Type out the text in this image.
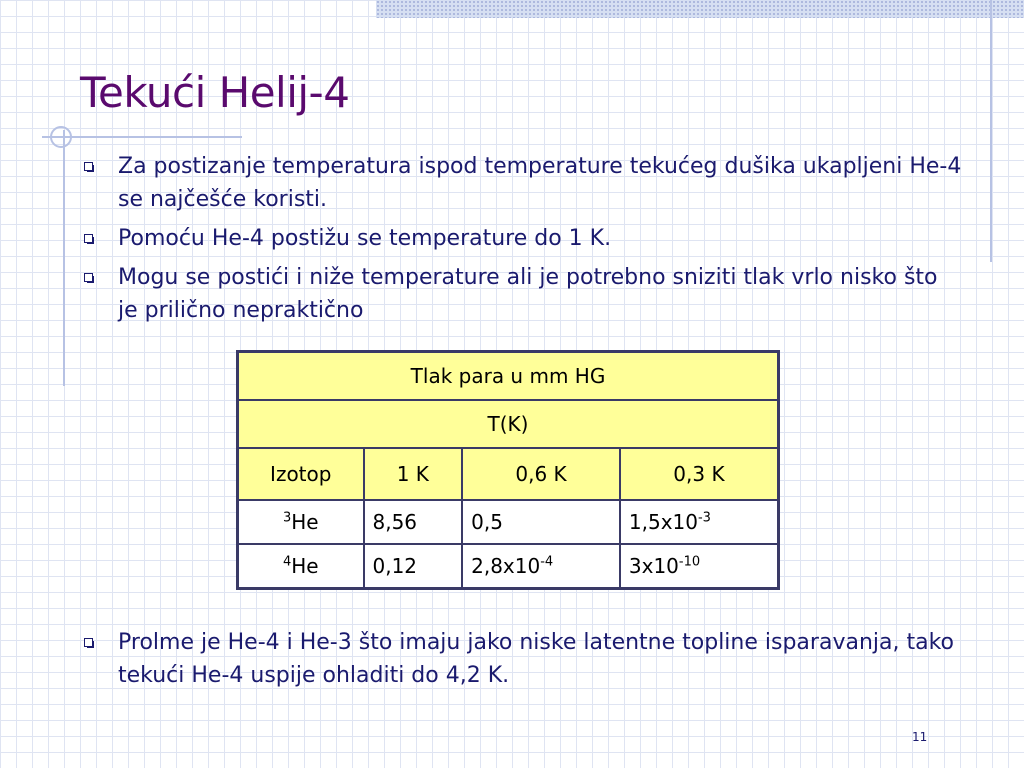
Tekući Helij-4
Za postizanje temperatura ispod temperature tekućeg dušika ukapljeni He-4 se najčešće koristi.
Pomoću He-4 postižu se temperature do 1 K.
Mogu se postići i niže temperature ali je potrebno sniziti tlak vrlo nisko što je prilično nepraktično
Tlak para u mm HG			
T(K)			
Izotop	1 K	0,6 K	0,3 K
$^3$He	8,56	0,5	$1,5x10^{-3}$
$^4$He	0,12	$2,8x10^{-4}$	$3x10^{-10}$
Prolme je He-4 i He-3 što imaju jako niske latentne topline isparavanja, tako tekući He-4 uspije ohladiti do 4,2 K.
11
